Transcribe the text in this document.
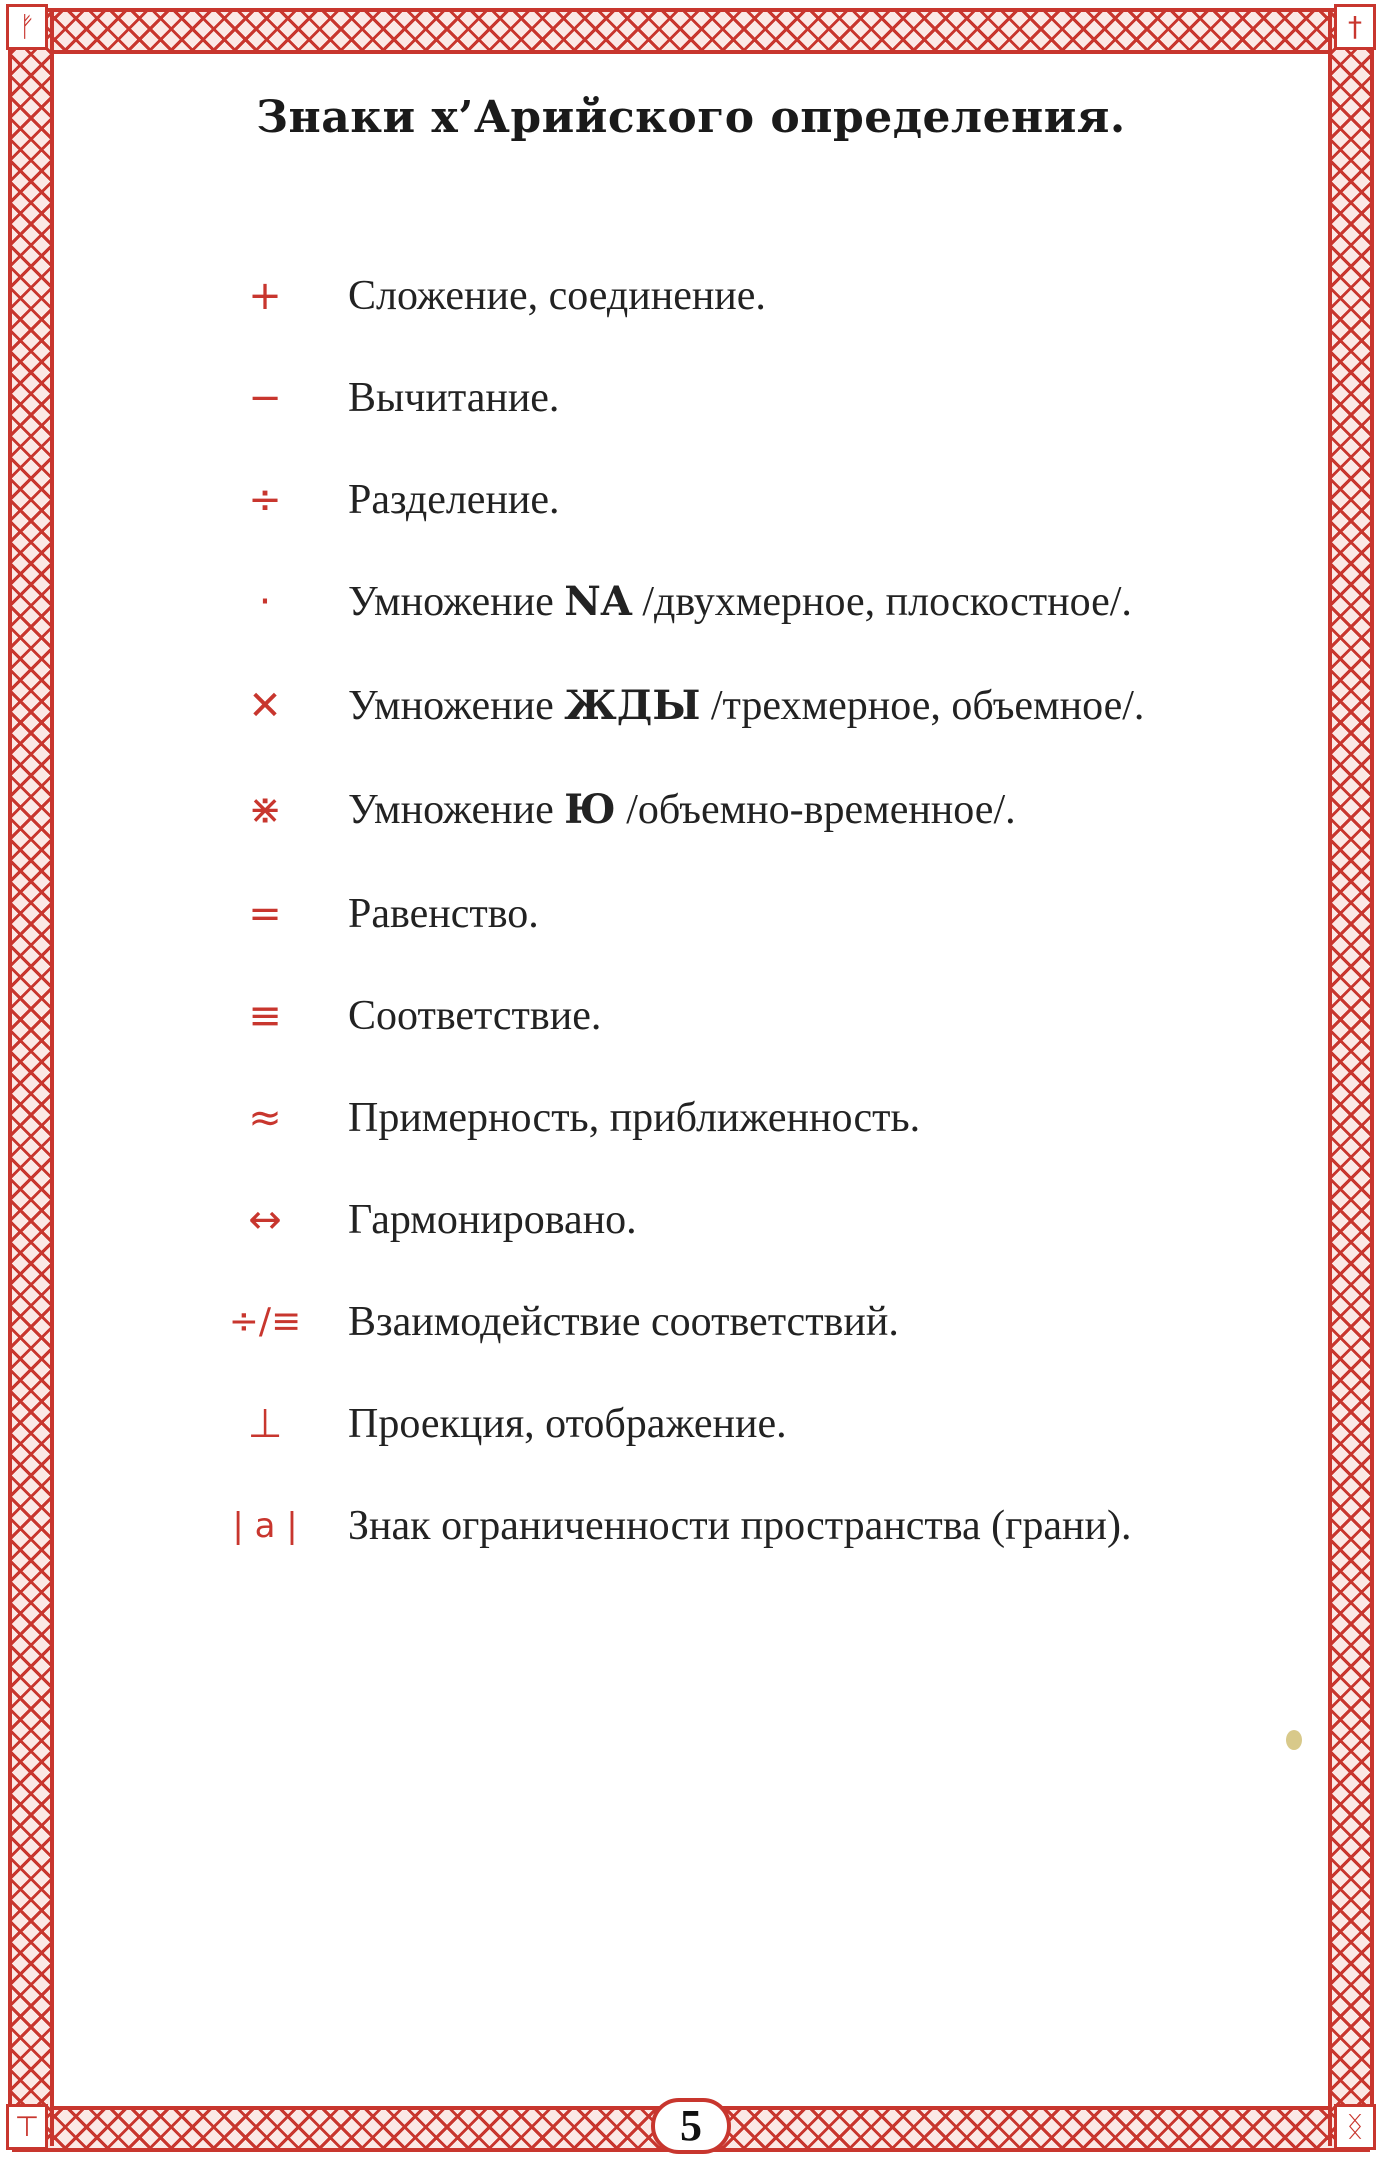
ᚠ	†
⊤	ᛝ
Знаки х’Арийского определения.
+	Сложение, соединение.
−	Вычитание.
÷	Разделение.
·	Умножение NA /двухмерное, плоскостное/.
✕	Умножение ЖДЫ /трехмерное, объемное/.
⋇	Умножение Ю /объемно-временное/.
=	Равенство.
≡	Соответствие.
≈	Примерность, приближенность.
↔	Гармонировано.
÷/≡ Взаимодействие соответствий.
⊥	Проекция, отображение.
| a | Знак ограниченности пространства (грани).
5
